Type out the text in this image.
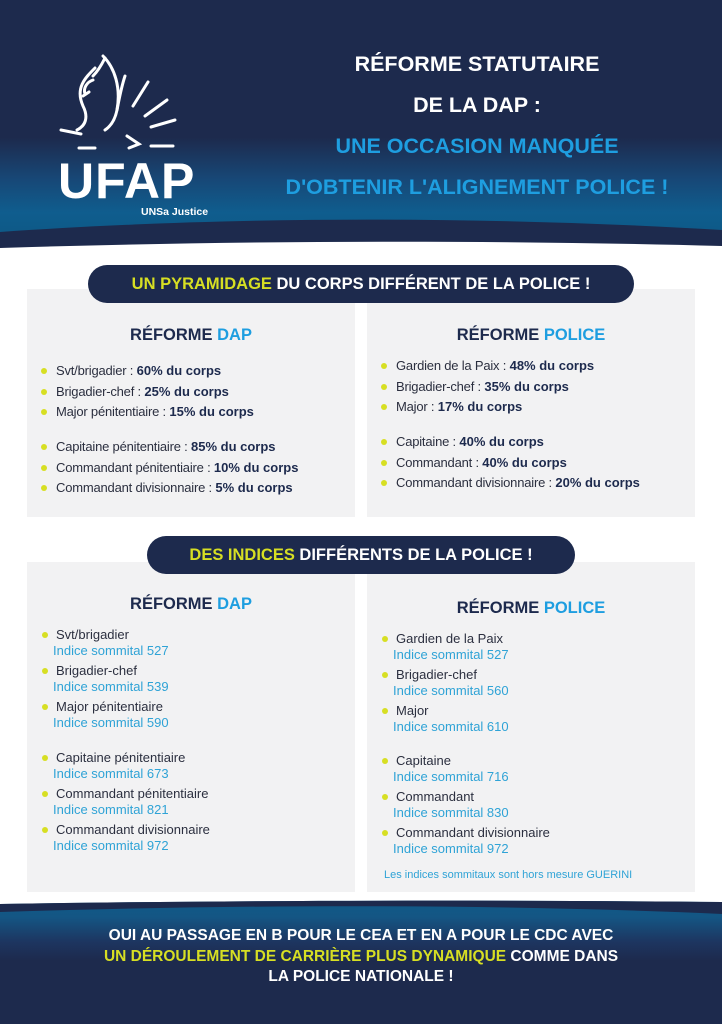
UFAP
UNSa Justice
RÉFORME STATUTAIRE
DE LA DAP :
UNE OCCASION MANQUÉE
D'OBTENIR L'ALIGNEMENT POLICE !
UN PYRAMIDAGE DU CORPS DIFFÉRENT DE LA POLICE !
RÉFORME DAP
Svt/brigadier : 60% du corps
Brigadier-chef : 25% du corps
Major pénitentiaire : 15% du corps
Capitaine pénitentiaire : 85% du corps
Commandant pénitentiaire : 10% du corps
Commandant divisionnaire : 5% du corps
RÉFORME POLICE
Gardien de la Paix : 48% du corps
Brigadier-chef : 35% du corps
Major : 17% du corps
Capitaine : 40% du corps
Commandant : 40% du corps
Commandant divisionnaire : 20% du corps
DES INDICES DIFFÉRENTS DE LA POLICE !
RÉFORME DAP
Svt/brigadier
Indice sommital 527
Brigadier-chef
Indice sommital 539
Major pénitentiaire
Indice sommital 590
Capitaine pénitentiaire
Indice sommital 673
Commandant pénitentiaire
Indice sommital 821
Commandant divisionnaire
Indice sommital 972
RÉFORME POLICE
Gardien de la Paix
Indice sommital 527
Brigadier-chef
Indice sommital 560
Major
Indice sommital 610
Capitaine
Indice sommital 716
Commandant
Indice sommital 830
Commandant divisionnaire
Indice sommital 972
Les indices sommitaux sont hors mesure GUERINI
OUI AU PASSAGE EN B POUR LE CEA ET EN A POUR LE CDC AVEC
UN DÉROULEMENT DE CARRIÈRE PLUS DYNAMIQUE COMME DANS
LA POLICE NATIONALE !
